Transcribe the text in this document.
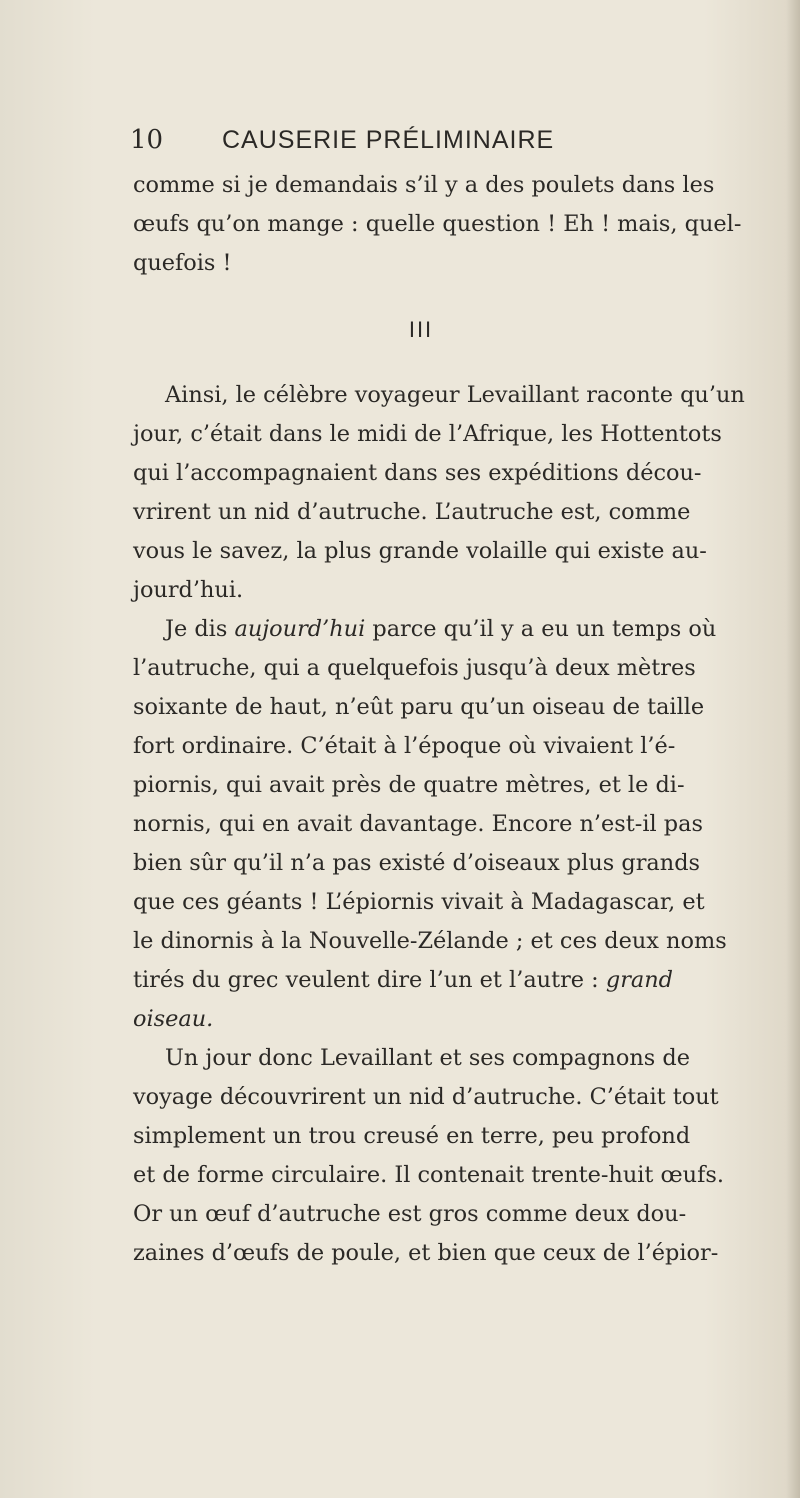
10 CAUSERIE PRÉLIMINAIRE
comme si je demandais s’il y a des poulets dans les
œufs qu’on mange : quelle question ! Eh ! mais, quel-
quefois !
III
Ainsi, le célèbre voyageur Levaillant raconte qu’un
jour, c’était dans le midi de l’Afrique, les Hottentots
qui l’accompagnaient dans ses expéditions décou-
vrirent un nid d’autruche. L’autruche est, comme
vous le savez, la plus grande volaille qui existe au-
jourd’hui.
Je dis aujourd’hui parce qu’il y a eu un temps où
l’autruche, qui a quelquefois jusqu’à deux mètres
soixante de haut, n’eût paru qu’un oiseau de taille
fort ordinaire. C’était à l’époque où vivaient l’é-
piornis, qui avait près de quatre mètres, et le di-
nornis, qui en avait davantage. Encore n’est-il pas
bien sûr qu’il n’a pas existé d’oiseaux plus grands
que ces géants ! L’épiornis vivait à Madagascar, et
le dinornis à la Nouvelle-Zélande ; et ces deux noms
tirés du grec veulent dire l’un et l’autre : grand
oiseau.
Un jour donc Levaillant et ses compagnons de
voyage découvrirent un nid d’autruche. C’était tout
simplement un trou creusé en terre, peu profond
et de forme circulaire. Il contenait trente-huit œufs.
Or un œuf d’autruche est gros comme deux dou-
zaines d’œufs de poule, et bien que ceux de l’épior-
